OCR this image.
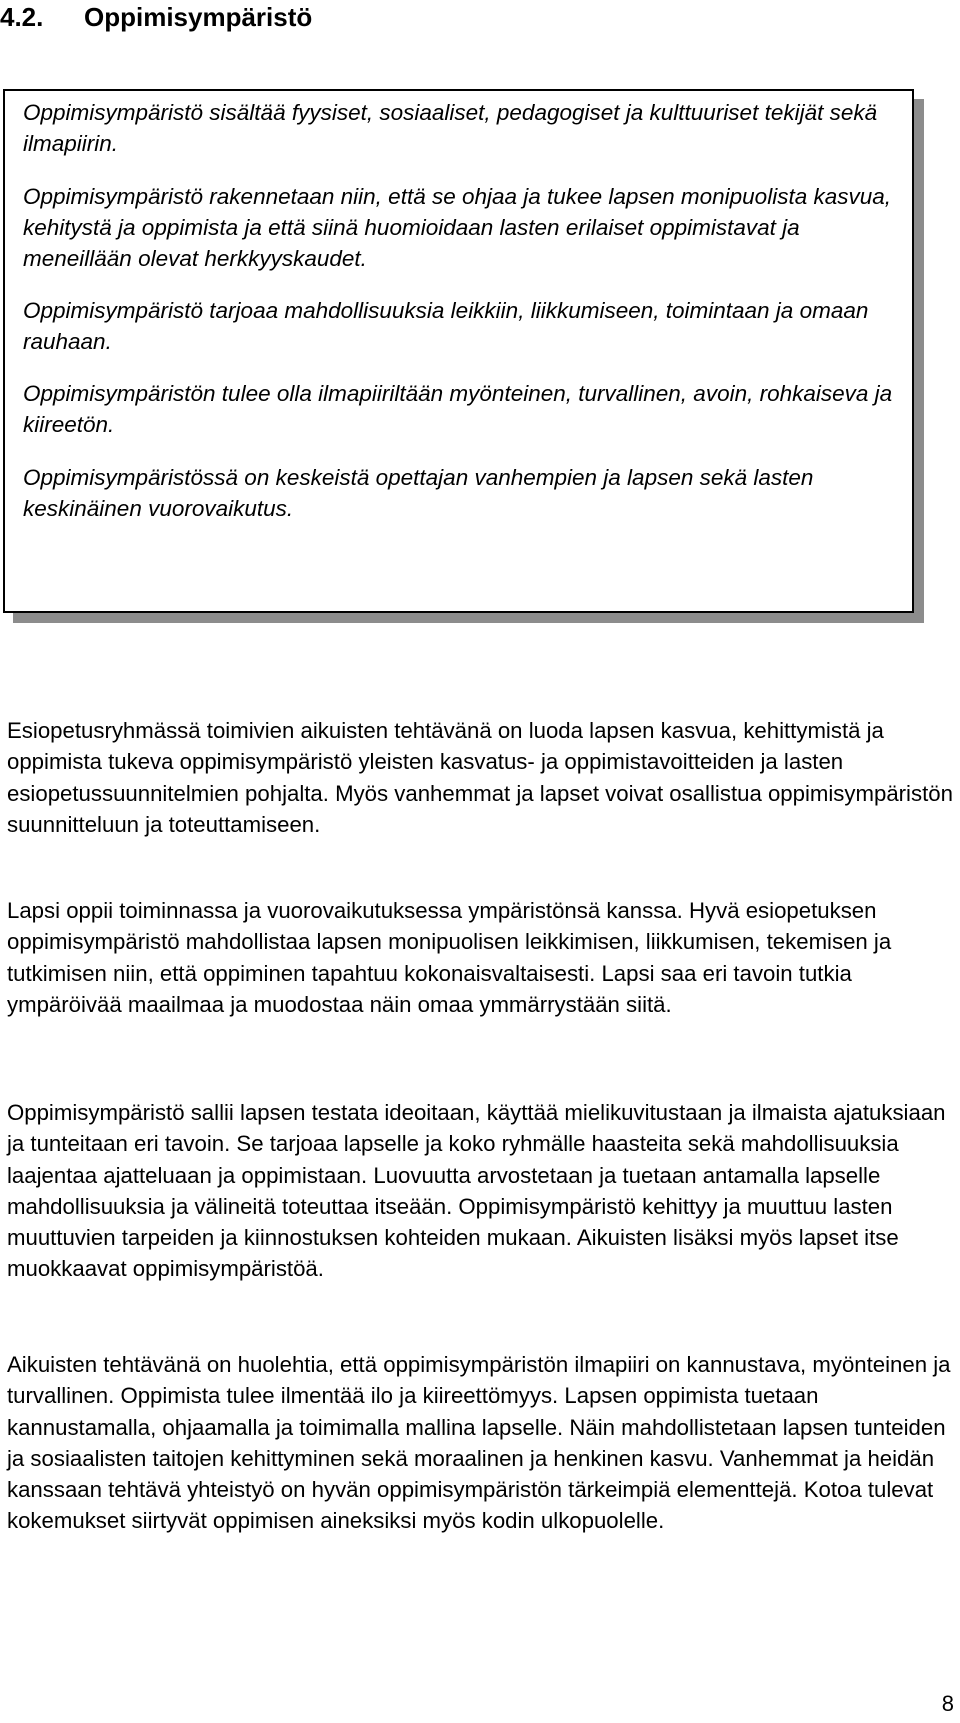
4.2. Oppimisympäristö

Oppimisympäristö sisältää fyysiset, sosiaaliset, pedagogiset ja kulttuuriset tekijät sekä ilmapiirin.

Oppimisympäristö rakennetaan niin, että se ohjaa ja tukee lapsen monipuolista kasvua, kehitystä ja oppimista ja että siinä huomioidaan lasten erilaiset oppimistavat ja meneillään olevat herkkyyskaudet.

Oppimisympäristö tarjoaa mahdollisuuksia leikkiin, liikkumiseen, toimintaan ja omaan rauhaan.

Oppimisympäristön tulee olla ilmapiiriltään myönteinen, turvallinen, avoin, rohkaiseva ja kiireetön.

Oppimisympäristössä on keskeistä opettajan vanhempien ja lapsen sekä lasten keskinäinen vuorovaikutus.

Esiopetusryhmässä toimivien aikuisten tehtävänä on luoda lapsen kasvua, kehittymistä ja oppimista tukeva oppimisympäristö yleisten kasvatus- ja oppimistavoitteiden ja lasten esiopetussuunnitelmien pohjalta. Myös vanhemmat ja lapset voivat osallistua oppimisympäristön suunnitteluun ja toteuttamiseen.

Lapsi oppii toiminnassa ja vuorovaikutuksessa ympäristönsä kanssa. Hyvä esiopetuksen oppimisympäristö mahdollistaa lapsen monipuolisen leikkimisen, liikkumisen, tekemisen ja tutkimisen niin, että oppiminen tapahtuu kokonaisvaltaisesti. Lapsi saa eri tavoin tutkia ympäröivää maailmaa ja muodostaa näin omaa ymmärrystään siitä.

Oppimisympäristö sallii lapsen testata ideoitaan, käyttää mielikuvitustaan ja ilmaista ajatuksiaan ja tunteitaan eri tavoin. Se tarjoaa lapselle ja koko ryhmälle haasteita sekä mahdollisuuksia laajentaa ajatteluaan ja oppimistaan. Luovuutta arvostetaan ja tuetaan antamalla lapselle mahdollisuuksia ja välineitä toteuttaa itseään. Oppimisympäristö kehittyy ja muuttuu lasten muuttuvien tarpeiden ja kiinnostuksen kohteiden mukaan. Aikuisten lisäksi myös lapset itse muokkaavat oppimisympäristöä.

Aikuisten tehtävänä on huolehtia, että oppimisympäristön ilmapiiri on kannustava, myönteinen ja turvallinen. Oppimista tulee ilmentää ilo ja kiireettömyys. Lapsen oppimista tuetaan kannustamalla, ohjaamalla ja toimimalla mallina lapselle. Näin mahdollistetaan lapsen tunteiden ja sosiaalisten taitojen kehittyminen sekä moraalinen ja henkinen kasvu. Vanhemmat ja heidän kanssaan tehtävä yhteistyö on hyvän oppimisympäristön tärkeimpiä elementtejä. Kotoa tulevat kokemukset siirtyvät oppimisen aineksiksi myös kodin ulkopuolelle.

8
